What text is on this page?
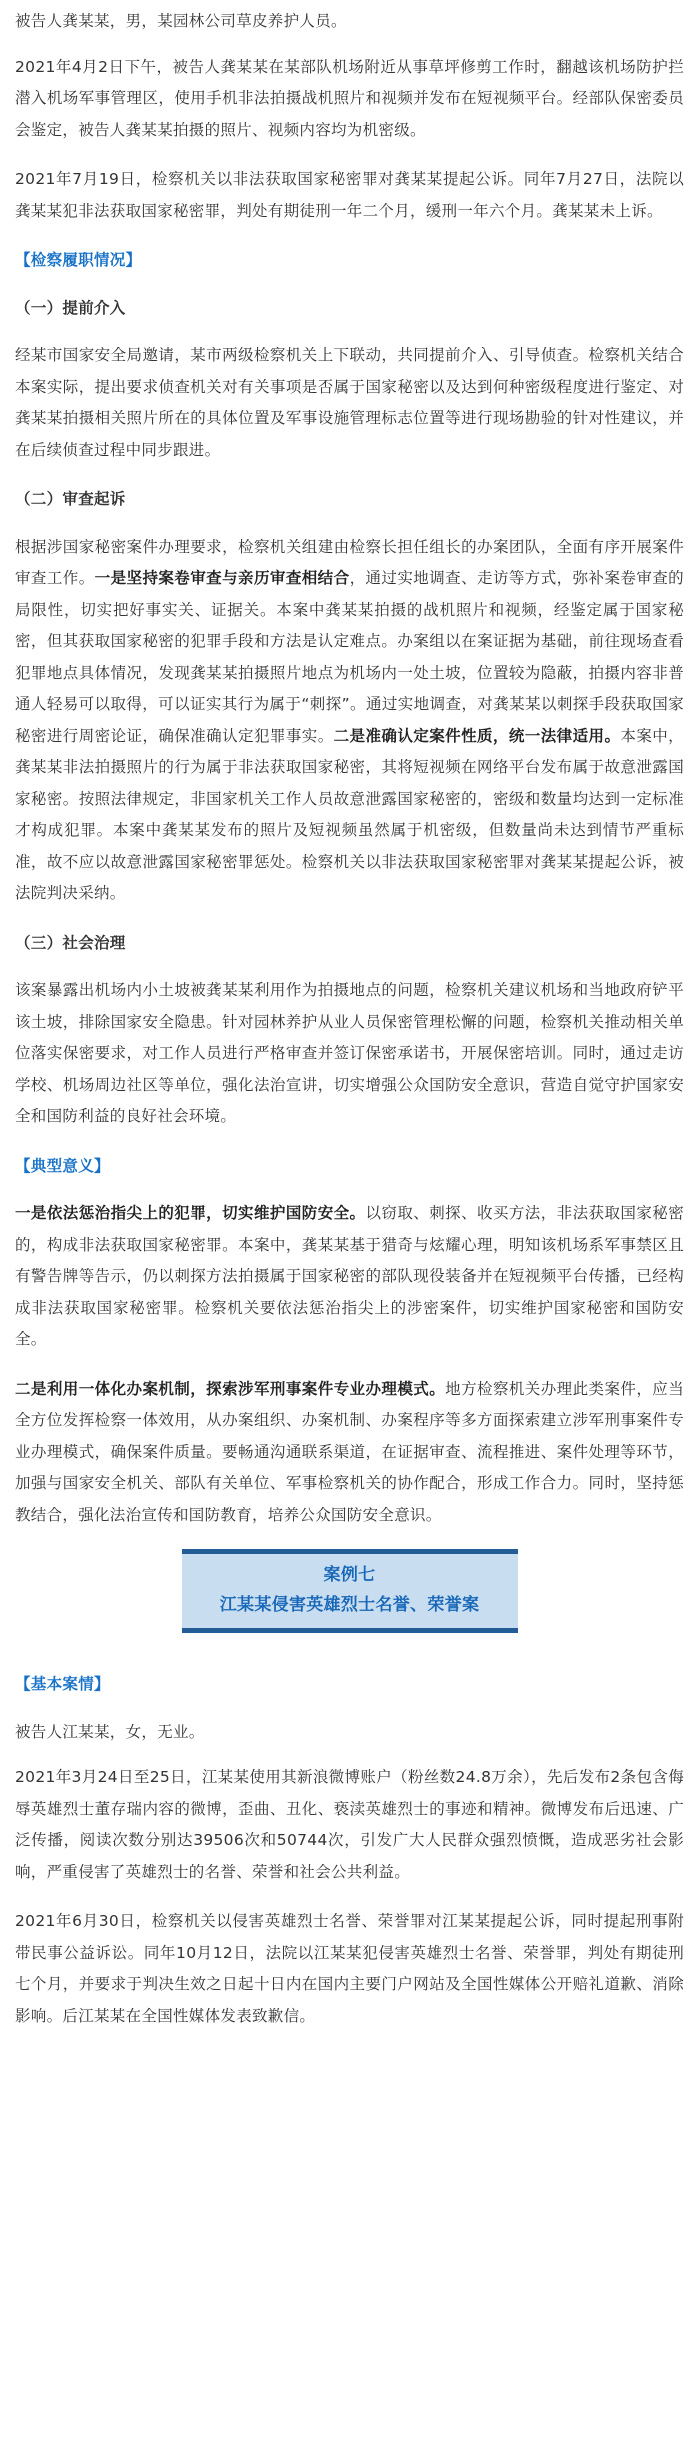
被告人龚某某，男，某园林公司草皮养护人员。

2021年4月2日下午，被告人龚某某在某部队机场附近从事草坪修剪工作时，翻越该机场防护拦潜入机场军事管理区，使用手机非法拍摄战机照片和视频并发布在短视频平台。经部队保密委员会鉴定，被告人龚某某拍摄的照片、视频内容均为机密级。

2021年7月19日，检察机关以非法获取国家秘密罪对龚某某提起公诉。同年7月27日，法院以龚某某犯非法获取国家秘密罪，判处有期徒刑一年二个月，缓刑一年六个月。龚某某未上诉。

【检察履职情况】
（一）提前介入

经某市国家安全局邀请，某市两级检察机关上下联动，共同提前介入、引导侦查。检察机关结合本案实际，提出要求侦查机关对有关事项是否属于国家秘密以及达到何种密级程度进行鉴定、对龚某某拍摄相关照片所在的具体位置及军事设施管理标志位置等进行现场勘验的针对性建议，并在后续侦查过程中同步跟进。

（二）审查起诉

根据涉国家秘密案件办理要求，检察机关组建由检察长担任组长的办案团队，全面有序开展案件审查工作。一是坚持案卷审查与亲历审查相结合，通过实地调查、走访等方式，弥补案卷审查的局限性，切实把好事实关、证据关。本案中龚某某拍摄的战机照片和视频，经鉴定属于国家秘密，但其获取国家秘密的犯罪手段和方法是认定难点。办案组以在案证据为基础，前往现场查看犯罪地点具体情况，发现龚某某拍摄照片地点为机场内一处土坡，位置较为隐蔽，拍摄内容非普通人轻易可以取得，可以证实其行为属于“刺探”。通过实地调查，对龚某某以刺探手段获取国家秘密进行周密论证，确保准确认定犯罪事实。二是准确认定案件性质，统一法律适用。本案中，龚某某非法拍摄照片的行为属于非法获取国家秘密，其将短视频在网络平台发布属于故意泄露国家秘密。按照法律规定，非国家机关工作人员故意泄露国家秘密的，密级和数量均达到一定标准才构成犯罪。本案中龚某某发布的照片及短视频虽然属于机密级，但数量尚未达到情节严重标准，故不应以故意泄露国家秘密罪惩处。检察机关以非法获取国家秘密罪对龚某某提起公诉，被法院判决采纳。

（三）社会治理

该案暴露出机场内小土坡被龚某某利用作为拍摄地点的问题，检察机关建议机场和当地政府铲平该土坡，排除国家安全隐患。针对园林养护从业人员保密管理松懈的问题，检察机关推动相关单位落实保密要求，对工作人员进行严格审查并签订保密承诺书，开展保密培训。同时，通过走访学校、机场周边社区等单位，强化法治宣讲，切实增强公众国防安全意识，营造自觉守护国家安全和国防利益的良好社会环境。

【典型意义】

一是依法惩治指尖上的犯罪，切实维护国防安全。以窃取、刺探、收买方法，非法获取国家秘密的，构成非法获取国家秘密罪。本案中，龚某某基于猎奇与炫耀心理，明知该机场系军事禁区且有警告牌等告示，仍以刺探方法拍摄属于国家秘密的部队现役装备并在短视频平台传播，已经构成非法获取国家秘密罪。检察机关要依法惩治指尖上的涉密案件，切实维护国家秘密和国防安全。

二是利用一体化办案机制，探索涉军刑事案件专业办理模式。地方检察机关办理此类案件，应当全方位发挥检察一体效用，从办案组织、办案机制、办案程序等多方面探索建立涉军刑事案件专业办理模式，确保案件质量。要畅通沟通联系渠道，在证据审查、流程推进、案件处理等环节，加强与国家安全机关、部队有关单位、军事检察机关的协作配合，形成工作合力。同时，坚持惩教结合，强化法治宣传和国防教育，培养公众国防安全意识。

案例七
江某某侵害英雄烈士名誉、荣誉案
【基本案情】

被告人江某某，女，无业。

2021年3月24日至25日，江某某使用其新浪微博账户（粉丝数24.8万余），先后发布2条包含侮辱英雄烈士董存瑞内容的微博，歪曲、丑化、亵渎英雄烈士的事迹和精神。微博发布后迅速、广泛传播，阅读次数分别达39506次和50744次，引发广大人民群众强烈愤慨，造成恶劣社会影响，严重侵害了英雄烈士的名誉、荣誉和社会公共利益。

2021年6月30日，检察机关以侵害英雄烈士名誉、荣誉罪对江某某提起公诉，同时提起刑事附带民事公益诉讼。同年10月12日，法院以江某某犯侵害英雄烈士名誉、荣誉罪，判处有期徒刑七个月，并要求于判决生效之日起十日内在国内主要门户网站及全国性媒体公开赔礼道歉、消除影响。后江某某在全国性媒体发表致歉信。
